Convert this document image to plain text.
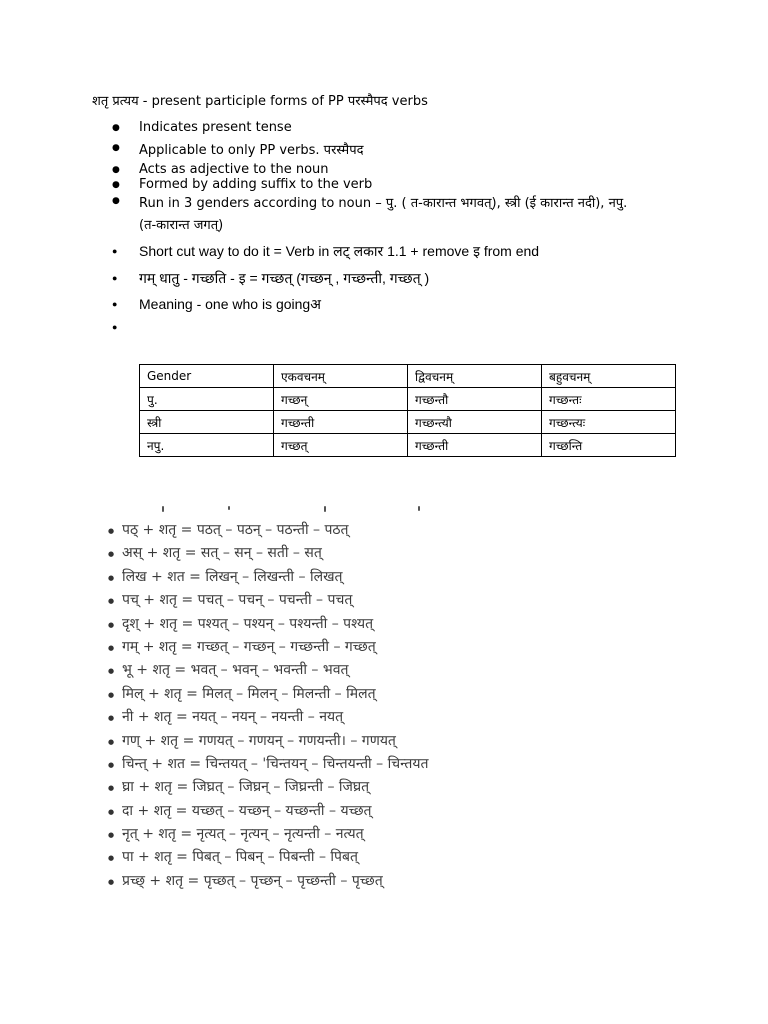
शतृ प्रत्यय - present participle forms of PP परस्मैपद verbs
● Indicates present tense
● Applicable to only PP verbs. परस्मैपद
● Acts as adjective to the noun
● Formed by adding suffix to the verb
● Run in 3 genders according to noun – पु. ( त-कारान्त भगवत्), स्त्री (ई कारान्त नदी), नपु.
(त-कारान्त जगत्)
● Short cut way to do it = Verb in लट् लकार 1.1 + remove इ from end
● गम् धातु - गच्छति - इ = गच्छत् (गच्छन् , गच्छन्ती, गच्छत् )
● Meaning - one who is goingअ
Gender	एकवचनम्	द्विवचनम्	बहुवचनम्
पु.	गच्छन्	गच्छन्तौ	गच्छन्तः
स्त्री	गच्छन्ती	गच्छन्त्यौ	गच्छन्त्यः
नपु.	गच्छत्	गच्छन्ती	गच्छन्ति
● पठ् + शतृ = पठत् – पठन् – पठन्ती – पठत्
● अस् + शतृ = सत् – सन् – सती – सत्
● लिख + शत = लिखन् – लिखन्ती – लिखत्
● पच् + शतृ = पचत् – पचन् – पचन्ती – पचत्
● दृश् + शतृ = पश्यत् – पश्यन् – पश्यन्ती – पश्यत्
● गम् + शतृ = गच्छत् – गच्छन् – गच्छन्ती – गच्छत्
● भू + शतृ = भवत् – भवन् – भवन्ती – भवत्
● मिल् + शतृ = मिलत् – मिलन् – मिलन्ती – मिलत्
● नी + शतृ = नयत् – नयन् – नयन्ती – नयत्
● गण् + शतृ = गणयत् – गणयन् – गणयन्ती। – गणयत्
● चिन्त् + शत = चिन्तयत् – 'चिन्तयन् – चिन्तयन्ती – चिन्तयत
● घ्रा + शतृ = जिघ्रत् – जिघ्रन् – जिघ्रन्ती – जिघ्रत्
● दा + शतृ = यच्छत् – यच्छन् – यच्छन्ती – यच्छत्
● नृत् + शतृ = नृत्यत् – नृत्यन् – नृत्यन्ती – नत्यत्
● पा + शतृ = पिबत् – पिबन् – पिबन्ती – पिबत्
● प्रच्छ् + शतृ = पृच्छत् – पृच्छन् – पृच्छन्ती – पृच्छत्
